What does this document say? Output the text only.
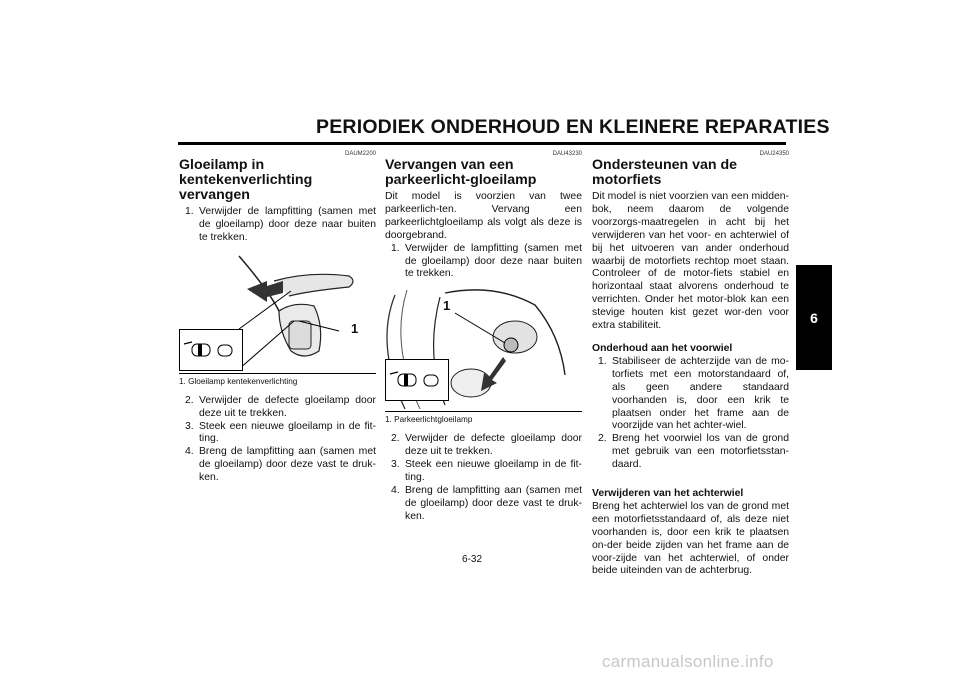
PERIODIEK ONDERHOUD EN KLEINERE REPARATIES
6
DAUM2200
Gloeilamp in kentekenverlichting vervangen
1. Verwijder de lampfitting (samen met de gloeilamp) door deze naar buiten te trekken.
1
1. Gloeilamp kentekenverlichting
2. Verwijder de defecte gloeilamp door deze uit te trekken.
3. Steek een nieuwe gloeilamp in de fit-ting.
4. Breng de lampfitting aan (samen met de gloeilamp) door deze vast te druk-ken.
DAU43230
Vervangen van een parkeerlicht-gloeilamp

Dit model is voorzien van twee parkeerlich-ten. Vervang een parkeerlichtgloeilamp als volgt als deze is doorgebrand.

1. Verwijder de lampfitting (samen met de gloeilamp) door deze naar buiten te trekken.
1
1. Parkeerlichtgloeilamp
2. Verwijder de defecte gloeilamp door deze uit te trekken.
3. Steek een nieuwe gloeilamp in de fit-ting.
4. Breng de lampfitting aan (samen met de gloeilamp) door deze vast te druk-ken.
DAU24350
Ondersteunen van de motorfiets

Dit model is niet voorzien van een midden-bok, neem daarom de volgende voorzorgs-maatregelen in acht bij het verwijderen van het voor- en achterwiel of bij het uitvoeren van ander onderhoud waarbij de motorfiets rechtop moet staan. Controleer of de motor-fiets stabiel en horizontaal staat alvorens onderhoud te verrichten. Onder het motor-blok kan een stevige houten kist gezet wor-den voor extra stabiliteit.

Onderhoud aan het voorwiel
1. Stabiliseer de achterzijde van de mo-torfiets met een motorstandaard of, als geen andere standaard voorhanden is, door een krik te plaatsen onder het frame aan de voorzijde van het achter-wiel.
2. Breng het voorwiel los van de grond met gebruik van een motorfietsstan-daard.
Verwijderen van het achterwiel

Breng het achterwiel los van de grond met een motorfietsstandaard of, als deze niet voorhanden is, door een krik te plaatsen on-der beide zijden van het frame aan de voor-zijde van het achterwiel, of onder beide uiteinden van de achterbrug.

6-32
carmanualsonline.info
